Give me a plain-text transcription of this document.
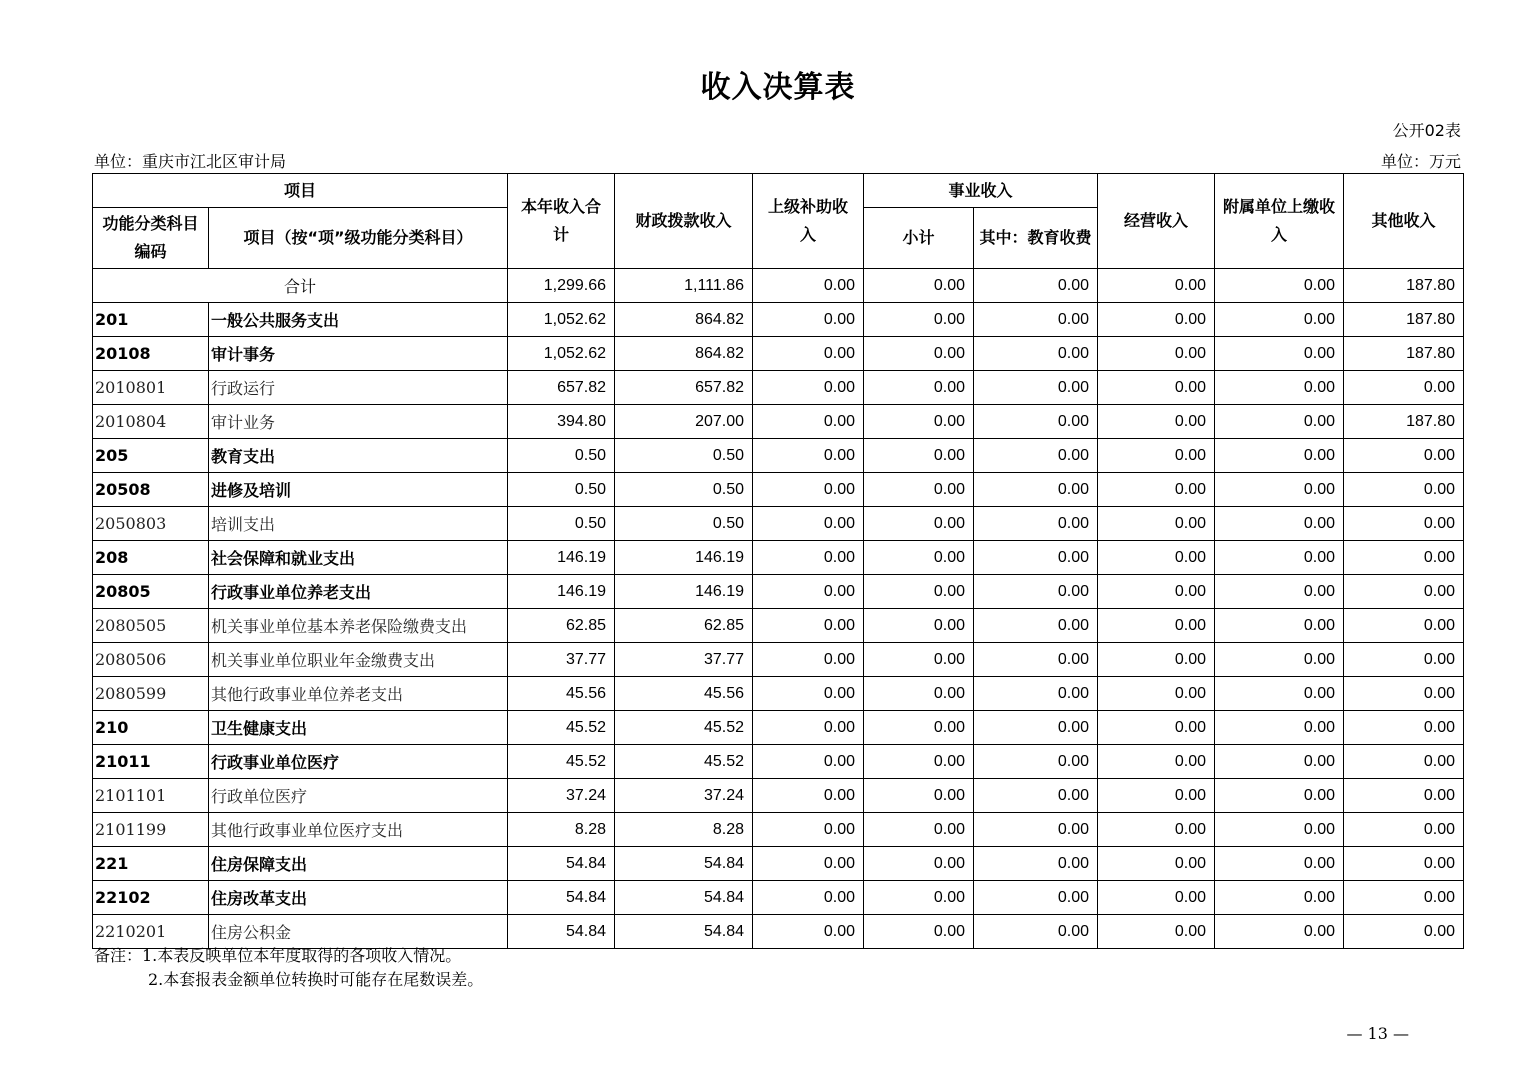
收入决算表
公开02表
单位：重庆市江北区审计局	单位：万元
项目		本年收入合计	财政拨款收入	上级补助收入	事业收入		经营收入	附属单位上缴收入	其他收入
功能分类科目编码	项目（按“项”级功能分类科目）				小计	其中：教育收费			
合计		1,299.66	1,111.86	0.00	0.00	0.00	0.00	0.00	187.80
201	一般公共服务支出	1,052.62	864.82	0.00	0.00	0.00	0.00	0.00	187.80
20108	审计事务	1,052.62	864.82	0.00	0.00	0.00	0.00	0.00	187.80
2010801	行政运行	657.82	657.82	0.00	0.00	0.00	0.00	0.00	0.00
2010804	审计业务	394.80	207.00	0.00	0.00	0.00	0.00	0.00	187.80
205	教育支出	0.50	0.50	0.00	0.00	0.00	0.00	0.00	0.00
20508	进修及培训	0.50	0.50	0.00	0.00	0.00	0.00	0.00	0.00
2050803	培训支出	0.50	0.50	0.00	0.00	0.00	0.00	0.00	0.00
208	社会保障和就业支出	146.19	146.19	0.00	0.00	0.00	0.00	0.00	0.00
20805	行政事业单位养老支出	146.19	146.19	0.00	0.00	0.00	0.00	0.00	0.00
2080505	机关事业单位基本养老保险缴费支出	62.85	62.85	0.00	0.00	0.00	0.00	0.00	0.00
2080506	机关事业单位职业年金缴费支出	37.77	37.77	0.00	0.00	0.00	0.00	0.00	0.00
2080599	其他行政事业单位养老支出	45.56	45.56	0.00	0.00	0.00	0.00	0.00	0.00
210	卫生健康支出	45.52	45.52	0.00	0.00	0.00	0.00	0.00	0.00
21011	行政事业单位医疗	45.52	45.52	0.00	0.00	0.00	0.00	0.00	0.00
2101101	行政单位医疗	37.24	37.24	0.00	0.00	0.00	0.00	0.00	0.00
2101199	其他行政事业单位医疗支出	8.28	8.28	0.00	0.00	0.00	0.00	0.00	0.00
221	住房保障支出	54.84	54.84	0.00	0.00	0.00	0.00	0.00	0.00
22102	住房改革支出	54.84	54.84	0.00	0.00	0.00	0.00	0.00	0.00
2210201	住房公积金	54.84	54.84	0.00	0.00	0.00	0.00	0.00	0.00
备注：1.本表反映单位本年度取得的各项收入情况。
2.本套报表金额单位转换时可能存在尾数误差。
— 13 —
